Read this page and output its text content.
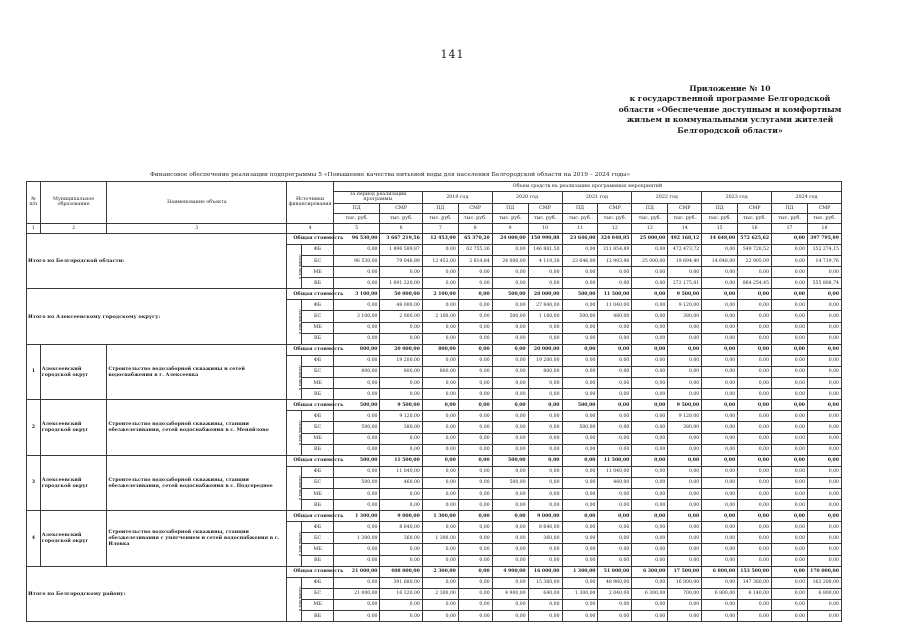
141
Приложение № 10
к государственной программе Белгородской
области «Обеспечение доступным и комфортным
жильем и коммунальными услугами жителей
Белгородской области»
Финансовое обеспечение реализации подпрограммы 5 «Повышение качества питьевой воды для населения Белгородской области на 2019 – 2024 годы»
№ п/п	Муниципальное образование	Наименование объекта	Источники финансирования		Объем средств на реализацию программных мероприятий													
					За период реализации программы		2019 год		2020 год		2021 год		2022 год		2023 год		2024 год	
					ПД	СМР	ПД	СМР	ПД	СМР	ПД	СМР	ПД	СМР	ПД	СМР	ПД	СМР
					тыс. руб.	тыс. руб.	тыс. руб.	тыс. руб.	тыс. руб.	тыс. руб.	тыс. руб.	тыс. руб.	тыс. руб.	тыс. руб.	тыс. руб.	тыс. руб.	тыс. руб.	тыс. руб.
1	2	3	4		5	6	7	8	9	10	11	12	13	14	15	16	17	18
Итого по Белгородской области:			Общая стоимость		96 530,00	3 667 219,56	12 453,00	65 370,20	24 000,00	150 990,88	23 646,00	324 848,85	25 000,00	492 168,12	14 648,00	572 625,62	0,00	397 795,89
			в том числе:	ФБ	0,00	1 896 589,87	0,00	62 755,36	0,00	146 881,50	0,00	311 854,89	0,00	472 473,72	0,00	549 720,52	0,00	352 274,15
				БС	96 530,00	79 046,89	12 453,00	2 614,84	24 000,00	4 119,38	23 646,00	12 993,96	25 000,00	19 694,40	14 648,00	22 905,09	0,00	14 719,76
				МБ	0,00	0,00	0,00	0,00	0,00	0,00	0,00	0,00	0,00	0,00	0,00	0,00	0,00	0,00
				ВБ	0,00	1 691 220,00	0,00	0,00	0,00	0,00	0,00	0,00	0,00	272 175,81	0,00	864 254,45	0,00	555 808,74
Итого по Алексеевскому городскому округу:			Общая стоимость		3 100,00	50 000,00	2 100,00	0,00	500,00	28 000,00	500,00	11 500,00	0,00	9 500,00	0,00	0,00	0,00	0,00
			в том числе:	ФБ	0,00	48 000,00	0,00	0,00	0,00	27 840,00	0,00	11 040,00	0,00	9 120,00	0,00	0,00	0,00	0,00
				БС	3 100,00	2 000,00	2 100,00	0,00	500,00	1 160,00	500,00	460,00	0,00	380,00	0,00	0,00	0,00	0,00
				МБ	0,00	0,00	0,00	0,00	0,00	0,00	0,00	0,00	0,00	0,00	0,00	0,00	0,00	0,00
				ВБ	0,00	0,00	0,00	0,00	0,00	0,00	0,00	0,00	0,00	0,00	0,00	0,00	0,00	0,00
1	Алексеевский городской округ	Строительство водозаборной скважины и сетей водоснабжения в г. Алексеевка	Общая стоимость		800,00	20 000,00	800,00	0,00	0,00	20 000,00	0,00	0,00	0,00	0,00	0,00	0,00	0,00	0,00
			в том числе:	ФБ	0,00	19 200,00	0,00	0,00	0,00	19 200,00	0,00	0,00	0,00	0,00	0,00	0,00	0,00	0,00
				БС	800,00	800,00	800,00	0,00	0,00	800,00	0,00	0,00	0,00	0,00	0,00	0,00	0,00	0,00
				МБ	0,00	0,00	0,00	0,00	0,00	0,00	0,00	0,00	0,00	0,00	0,00	0,00	0,00	0,00
				ВБ	0,00	0,00	0,00	0,00	0,00	0,00	0,00	0,00	0,00	0,00	0,00	0,00	0,00	0,00
2	Алексеевский городской округ	Строительство водозаборной скважины, станции обезжелезивания, сетей водоснабжения в с. Меняйлово	Общая стоимость		500,00	9 500,00	0,00	0,00	0,00	0,00	500,00	0,00	0,00	9 500,00	0,00	0,00	0,00	0,00
			в том числе:	ФБ	0,00	9 120,00	0,00	0,00	0,00	0,00	0,00	0,00	0,00	9 120,00	0,00	0,00	0,00	0,00
				БС	500,00	380,00	0,00	0,00	0,00	0,00	500,00	0,00	0,00	380,00	0,00	0,00	0,00	0,00
				МБ	0,00	0,00	0,00	0,00	0,00	0,00	0,00	0,00	0,00	0,00	0,00	0,00	0,00	0,00
				ВБ	0,00	0,00	0,00	0,00	0,00	0,00	0,00	0,00	0,00	0,00	0,00	0,00	0,00	0,00
3	Алексеевский городской округ	Строительство водозаборной скважины, станции обезжелезивания, сетей водоснабжения в с. Подсереднее	Общая стоимость		500,00	11 500,00	0,00	0,00	500,00	0,00	0,00	11 500,00	0,00	0,00	0,00	0,00	0,00	0,00
			в том числе:	ФБ	0,00	11 040,00	0,00	0,00	0,00	0,00	0,00	11 040,00	0,00	0,00	0,00	0,00	0,00	0,00
				БС	500,00	460,00	0,00	0,00	500,00	0,00	0,00	460,00	0,00	0,00	0,00	0,00	0,00	0,00
				МБ	0,00	0,00	0,00	0,00	0,00	0,00	0,00	0,00	0,00	0,00	0,00	0,00	0,00	0,00
				ВБ	0,00	0,00	0,00	0,00	0,00	0,00	0,00	0,00	0,00	0,00	0,00	0,00	0,00	0,00
4	Алексеевский городской округ	Строительство водозаборной скважины, станции обезжелезивания с умягчением и сетей водоснабжения в с. Иловка	Общая стоимость		1 300,00	9 000,00	1 300,00	0,00	0,00	9 000,00	0,00	0,00	0,00	0,00	0,00	0,00	0,00	0,00
			в том числе:	ФБ	0,00	8 640,00	0,00	0,00	0,00	8 640,00	0,00	0,00	0,00	0,00	0,00	0,00	0,00	0,00
				БС	1 300,00	360,00	1 300,00	0,00	0,00	360,00	0,00	0,00	0,00	0,00	0,00	0,00	0,00	0,00
				МБ	0,00	0,00	0,00	0,00	0,00	0,00	0,00	0,00	0,00	0,00	0,00	0,00	0,00	0,00
				ВБ	0,00	0,00	0,00	0,00	0,00	0,00	0,00	0,00	0,00	0,00	0,00	0,00	0,00	0,00
Итого по Белгородскому району:			Общая стоимость		21 000,00	408 000,00	2 300,00	0,00	4 900,00	16 000,00	1 300,00	51 000,00	6 300,00	17 500,00	6 800,00	153 500,00	0,00	170 000,00
			в том числе:	ФБ	0,00	391 680,00	0,00	0,00	0,00	15 360,00	0,00	48 960,00	0,00	16 800,00	0,00	147 360,00	0,00	163 200,00
				БС	21 000,00	16 320,00	2 300,00	0,00	4 900,00	640,00	1 300,00	2 040,00	6 300,00	700,00	6 800,00	6 140,00	0,00	6 800,00
				МБ	0,00	0,00	0,00	0,00	0,00	0,00	0,00	0,00	0,00	0,00	0,00	0,00	0,00	0,00
				ВБ	0,00	0,00	0,00	0,00	0,00	0,00	0,00	0,00	0,00	0,00	0,00	0,00	0,00	0,00
